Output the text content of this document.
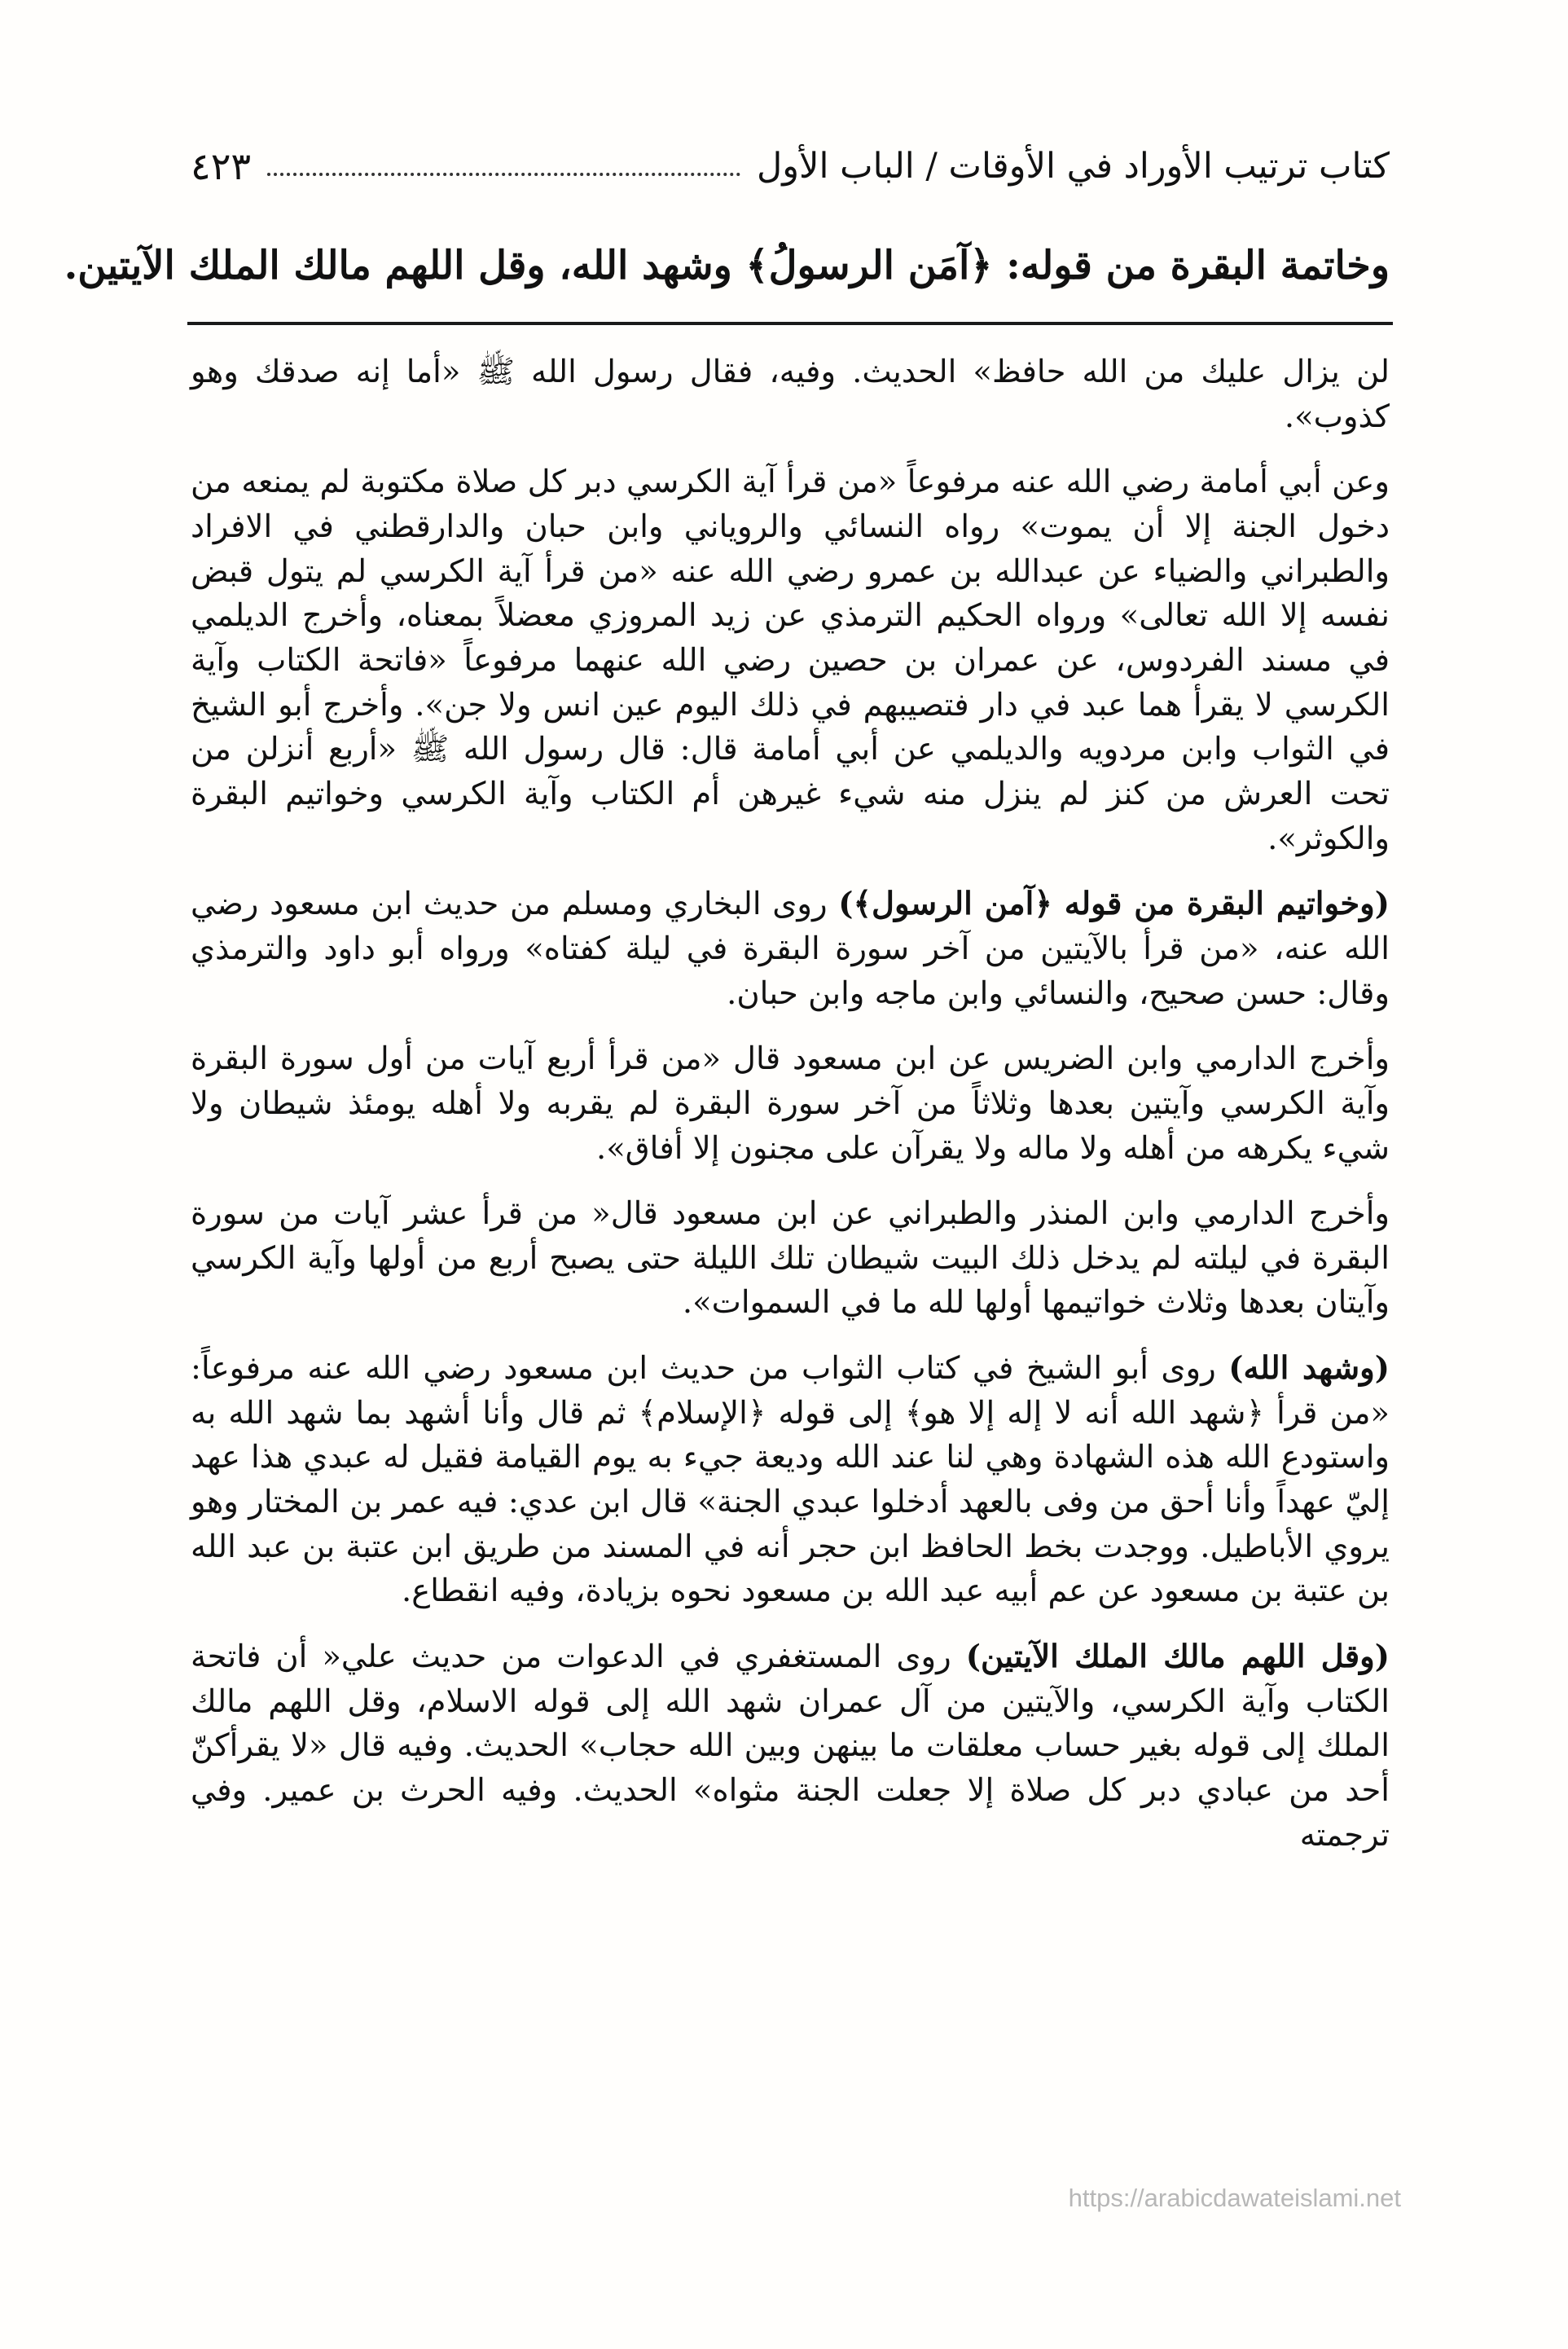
كتاب ترتيب الأوراد في الأوقات / الباب الأول
٤٢٣
وخاتمة البقرة من قوله: ﴿آمَن الرسولُ﴾ وشهد الله، وقل اللهم مالك الملك الآيتين.

لن يزال عليك من الله حافظ» الحديث. وفيه، فقال رسول الله ﷺ «أما إنه صدقك وهو كذوب».

وعن أبي أمامة رضي الله عنه مرفوعاً «من قرأ آية الكرسي دبر كل صلاة مكتوبة لم يمنعه من دخول الجنة إلا أن يموت» رواه النسائي والروياني وابن حبان والدارقطني في الافراد والطبراني والضياء عن عبدالله بن عمرو رضي الله عنه «من قرأ آية الكرسي لم يتول قبض نفسه إلا الله تعالى» ورواه الحكيم الترمذي عن زيد المروزي معضلاً بمعناه، وأخرج الديلمي في مسند الفردوس، عن عمران بن حصين رضي الله عنهما مرفوعاً «فاتحة الكتاب وآية الكرسي لا يقرأ هما عبد في دار فتصيبهم في ذلك اليوم عين انس ولا جن». وأخرج أبو الشيخ في الثواب وابن مردويه والديلمي عن أبي أمامة قال: قال رسول الله ﷺ «أربع أنزلن من تحت العرش من كنز لم ينزل منه شيء غيرهن أم الكتاب وآية الكرسي وخواتيم البقرة والكوثر».

(وخواتيم البقرة من قوله ﴿آمن الرسول﴾) روى البخاري ومسلم من حديث ابن مسعود رضي الله عنه، «من قرأ بالآيتين من آخر سورة البقرة في ليلة كفتاه» ورواه أبو داود والترمذي وقال: حسن صحيح، والنسائي وابن ماجه وابن حبان.

وأخرج الدارمي وابن الضريس عن ابن مسعود قال «من قرأ أربع آيات من أول سورة البقرة وآية الكرسي وآيتين بعدها وثلاثاً من آخر سورة البقرة لم يقربه ولا أهله يومئذ شيطان ولا شيء يكرهه من أهله ولا ماله ولا يقرآن على مجنون إلا أفاق».

وأخرج الدارمي وابن المنذر والطبراني عن ابن مسعود قال« من قرأ عشر آيات من سورة البقرة في ليلته لم يدخل ذلك البيت شيطان تلك الليلة حتى يصبح أربع من أولها وآية الكرسي وآيتان بعدها وثلاث خواتيمها أولها لله ما في السموات».

(وشهد الله) روى أبو الشيخ في كتاب الثواب من حديث ابن مسعود رضي الله عنه مرفوعاً: «من قرأ ﴿شهد الله أنه لا إله إلا هو﴾ إلى قوله ﴿الإسلام﴾ ثم قال وأنا أشهد بما شهد الله به واستودع الله هذه الشهادة وهي لنا عند الله وديعة جيء به يوم القيامة فقيل له عبدي هذا عهد إليّ عهداً وأنا أحق من وفى بالعهد أدخلوا عبدي الجنة» قال ابن عدي: فيه عمر بن المختار وهو يروي الأباطيل. ووجدت بخط الحافظ ابن حجر أنه في المسند من طريق ابن عتبة بن عبد الله بن عتبة بن مسعود عن عم أبيه عبد الله بن مسعود نحوه بزيادة، وفيه انقطاع.

(وقل اللهم مالك الملك الآيتين) روى المستغفري في الدعوات من حديث علي« أن فاتحة الكتاب وآية الكرسي، والآيتين من آل عمران شهد الله إلى قوله الاسلام، وقل اللهم مالك الملك إلى قوله بغير حساب معلقات ما بينهن وبين الله حجاب» الحديث. وفيه قال «لا يقرأكنّ أحد من عبادي دبر كل صلاة إلا جعلت الجنة مثواه» الحديث. وفيه الحرث بن عمير. وفي ترجمته

https://arabicdawateislami.net
